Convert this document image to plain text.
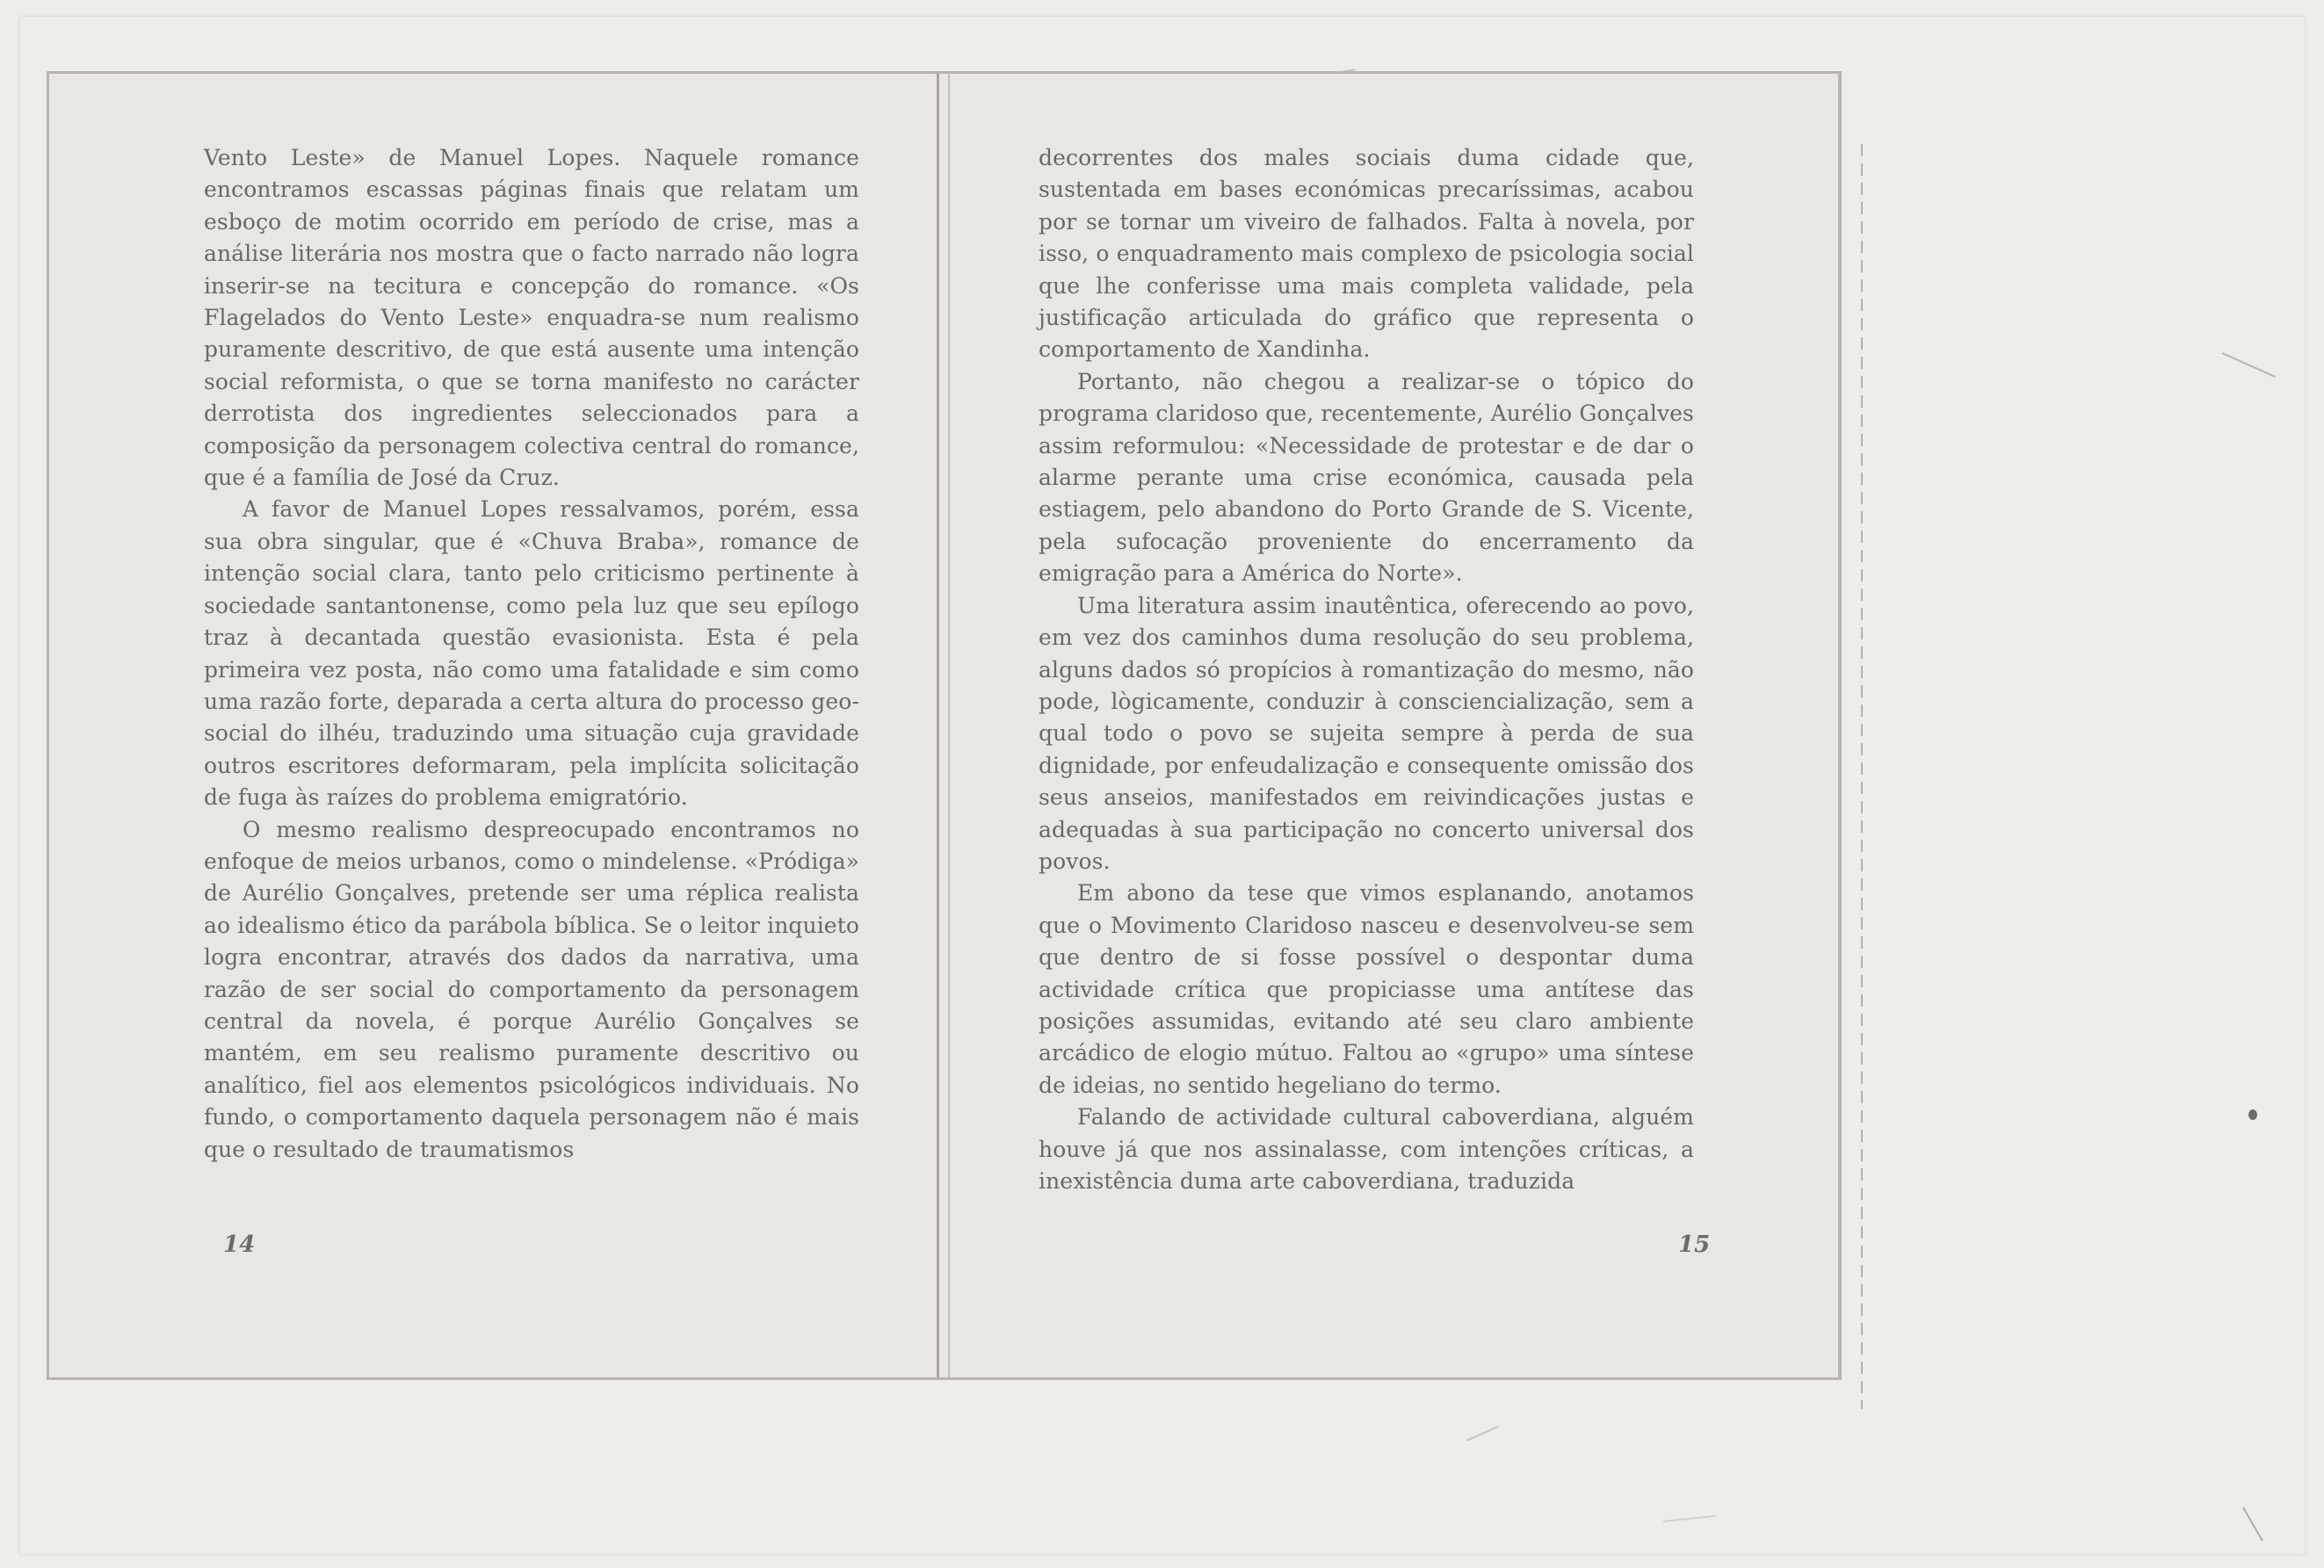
Vento Leste» de Manuel Lopes. Naquele romance encontramos escassas páginas finais que relatam um esboço de motim ocorrido em período de crise, mas a análise literária nos mostra que o facto narrado não logra inserir-se na tecitura e concepção do romance. «Os Flagelados do Vento Leste» enquadra-se num realismo puramente descritivo, de que está ausente uma intenção social reformista, o que se torna manifesto no carácter derrotista dos ingredientes seleccionados para a composição da personagem colectiva central do romance, que é a família de José da Cruz.

A favor de Manuel Lopes ressalvamos, porém, essa sua obra singular, que é «Chuva Braba», romance de intenção social clara, tanto pelo criticismo pertinente à sociedade santantonense, como pela luz que seu epílogo traz à decantada questão evasionista. Esta é pela primeira vez posta, não como uma fatalidade e sim como uma razão forte, deparada a certa altura do processo geo-social do ilhéu, traduzindo uma situação cuja gravidade outros escritores deformaram, pela implícita solicitação de fuga às raízes do problema emigratório.

O mesmo realismo despreocupado encontramos no enfoque de meios urbanos, como o mindelense. «Pródiga» de Aurélio Gonçalves, pretende ser uma réplica realista ao idealismo ético da parábola bíblica. Se o leitor inquieto logra encontrar, através dos dados da narrativa, uma razão de ser social do comportamento da personagem central da novela, é porque Aurélio Gonçalves se mantém, em seu realismo puramente descritivo ou analítico, fiel aos elementos psicológicos individuais. No fundo, o comportamento daquela personagem não é mais que o resultado de traumatismos

14

decorrentes dos males sociais duma cidade que, sustentada em bases económicas precaríssimas, acabou por se tornar um viveiro de falhados. Falta à novela, por isso, o enquadramento mais complexo de psicologia social que lhe conferisse uma mais completa validade, pela justificação articulada do gráfico que representa o comportamento de Xandinha.

Portanto, não chegou a realizar-se o tópico do programa claridoso que, recentemente, Aurélio Gonçalves assim reformulou: «Necessidade de protestar e de dar o alarme perante uma crise económica, causada pela estiagem, pelo abandono do Porto Grande de S. Vicente, pela sufocação proveniente do encerramento da emigração para a América do Norte».

Uma literatura assim inautêntica, oferecendo ao povo, em vez dos caminhos duma resolução do seu problema, alguns dados só propícios à romantização do mesmo, não pode, lògicamente, conduzir à consciencialização, sem a qual todo o povo se sujeita sempre à perda de sua dignidade, por enfeudalização e consequente omissão dos seus anseios, manifestados em reivindicações justas e adequadas à sua participação no concerto universal dos povos.

Em abono da tese que vimos esplanando, anotamos que o Movimento Claridoso nasceu e desenvolveu-se sem que dentro de si fosse possível o despontar duma actividade crítica que propiciasse uma antítese das posições assumidas, evitando até seu claro ambiente arcádico de elogio mútuo. Faltou ao «grupo» uma síntese de ideias, no sentido hegeliano do termo.

Falando de actividade cultural caboverdiana, alguém houve já que nos assinalasse, com intenções críticas, a inexistência duma arte caboverdiana, traduzida

15
